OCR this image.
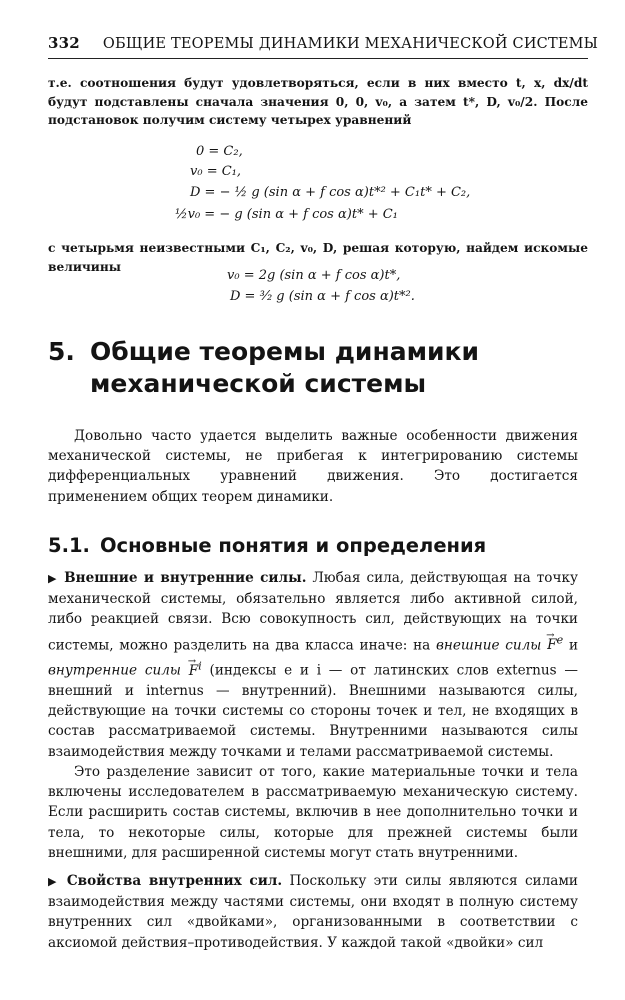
332 ОБЩИЕ ТЕОРЕМЫ ДИНАМИКИ МЕХАНИЧЕСКОЙ СИСТЕМЫ

т.е. соотношения будут удовлетворяться, если в них вместо t, x, dx/dt будут подставлены сначала значения 0, 0, v₀, а затем t*, D, v₀/2. После подстановок получим систему четырех уравнений

0 = C₂,
v₀ = C₁,
D = − ½ g (sin α + f cos α)t*² + C₁t* + C₂,
½v₀ = − g (sin α + f cos α)t* + C₁

с четырьмя неизвестными C₁, C₂, v₀, D, решая которую, найдем искомые величины

v₀ = 2g (sin α + f cos α)t*,
D = ³⁄₂ g (sin α + f cos α)t*².
5. Общие теоремы динамики
механической системы

Довольно часто удается выделить важные особенности движения механической системы, не прибегая к интегрированию системы дифференциальных уравнений движения. Это достигается применением общих теорем динамики.

5.1. Основные понятия и определения

▶ Внешние и внутренние силы. Любая сила, действующая на точку механической системы, обязательно является либо активной силой, либо реакцией связи. Всю совокупность сил, действующих на точки системы, можно разделить на два класса иначе: на внешние силы → $F^e$ и внутренние силы → $F^i$ (индексы e и i — от латинских слов externus — внешний и internus — внутренний). Внешними называются силы, действующие на точки системы со стороны точек и тел, не входящих в состав рассматриваемой системы. Внутренними называются силы взаимодействия между точками и телами рассматриваемой системы.

Это разделение зависит от того, какие материальные точки и тела включены исследователем в рассматриваемую механическую систему. Если расширить состав системы, включив в нее дополнительно точки и тела, то некоторые силы, которые для прежней системы были внешними, для расширенной системы могут стать внутренними.

▶ Свойства внутренних сил. Поскольку эти силы являются силами взаимодействия между частями системы, они входят в полную систему внутренних сил «двойками», организованными в соответствии с аксиомой действия–противодействия. У каждой такой «двойки» сил
